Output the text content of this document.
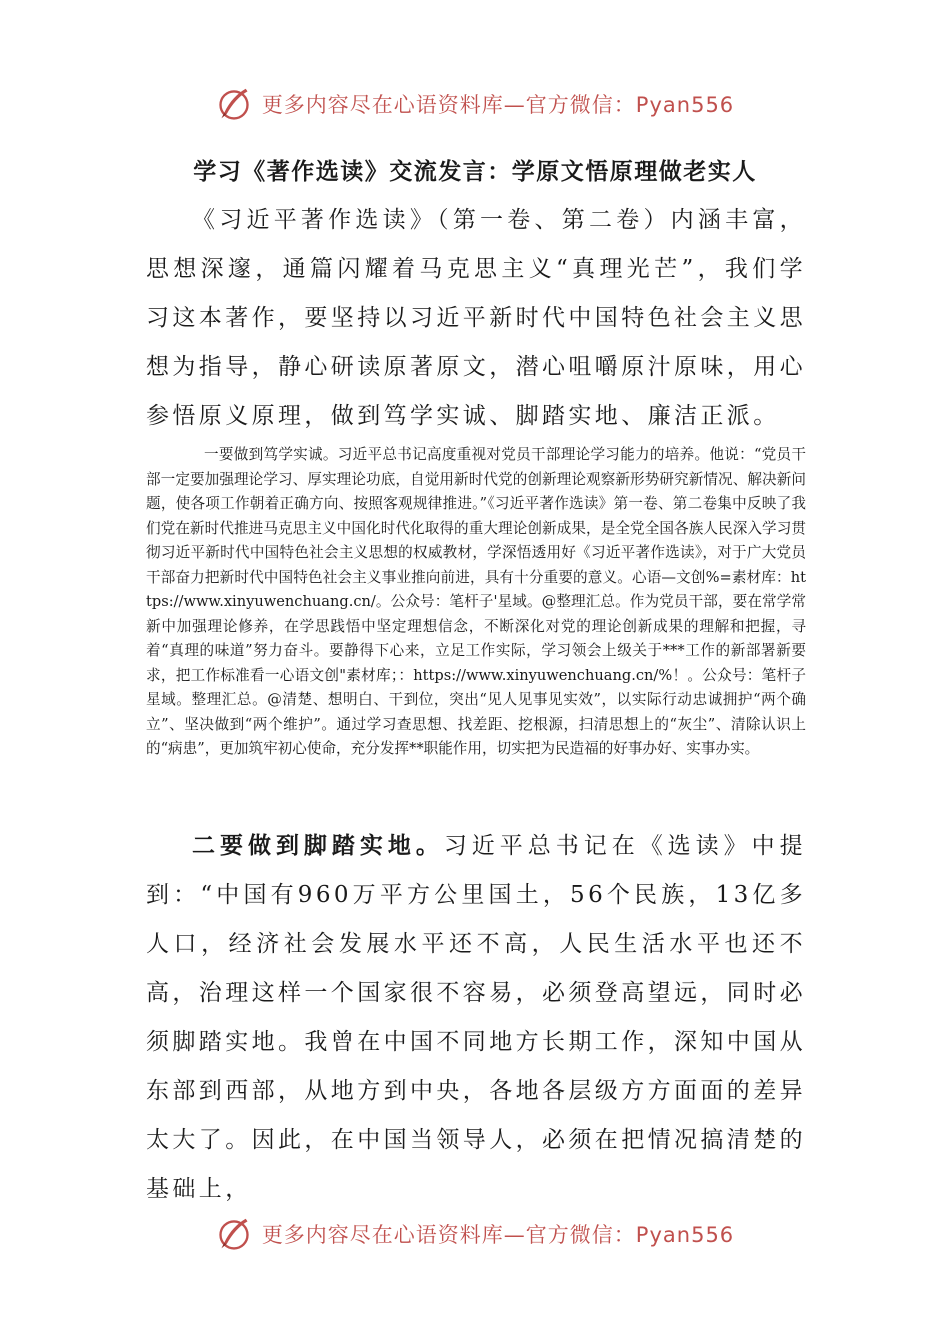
更多内容尽在心语资料库—官方微信：Pyan556
学习《著作选读》交流发言：学原文悟原理做老实人

《习近平著作选读》（第一卷、第二卷）内涵丰富，思想深邃，通篇闪耀着马克思主义“真理光芒”，我们学习这本著作，要坚持以习近平新时代中国特色社会主义思想为指导，静心研读原著原文，潜心咀嚼原汁原味，用心参悟原义原理，做到笃学实诚、脚踏实地、廉洁正派。

一要做到笃学实诚。习近平总书记高度重视对党员干部理论学习能力的培养。他说：“党员干部一定要加强理论学习、厚实理论功底，自觉用新时代党的创新理论观察新形势研究新情况、解决新问题，使各项工作朝着正确方向、按照客观规律推进。”《习近平著作选读》第一卷、第二卷集中反映了我们党在新时代推进马克思主义中国化时代化取得的重大理论创新成果，是全党全国各族人民深入学习贯彻习近平新时代中国特色社会主义思想的权威教材，学深悟透用好《习近平著作选读》，对于广大党员干部奋力把新时代中国特色社会主义事业推向前进，具有十分重要的意义。心语—文创%=素材库：https://www.xinyuwenchuang.cn/。公众号：笔杆子'星域。@整理汇总。作为党员干部，要在常学常新中加强理论修养，在学思践悟中坚定理想信念，不断深化对党的理论创新成果的理解和把握，寻着“真理的味道”努力奋斗。要静得下心来，立足工作实际，学习领会上级关于***工作的新部署新要求，把工作标准看一心语文创"素材库；：https://www.xinyuwenchuang.cn/%！。公众号：笔杆子星域。整理汇总。@清楚、想明白、干到位，突出“见人见事见实效”，以实际行动忠诚拥护“两个确立”、坚决做到“两个维护”。通过学习查思想、找差距、挖根源，扫清思想上的“灰尘”、清除认识上的“病患”，更加筑牢初心使命，充分发挥**职能作用，切实把为民造福的好事办好、实事办实。

二要做到脚踏实地。习近平总书记在《选读》中提到：“中国有960万平方公里国土，56个民族，13亿多人口，经济社会发展水平还不高，人民生活水平也还不高，治理这样一个国家很不容易，必须登高望远，同时必须脚踏实地。我曾在中国不同地方长期工作，深知中国从东部到西部，从地方到中央，各地各层级方方面面的差异太大了。因此，在中国当领导人，必须在把情况搞清楚的基础上，

更多内容尽在心语资料库—官方微信：Pyan556
